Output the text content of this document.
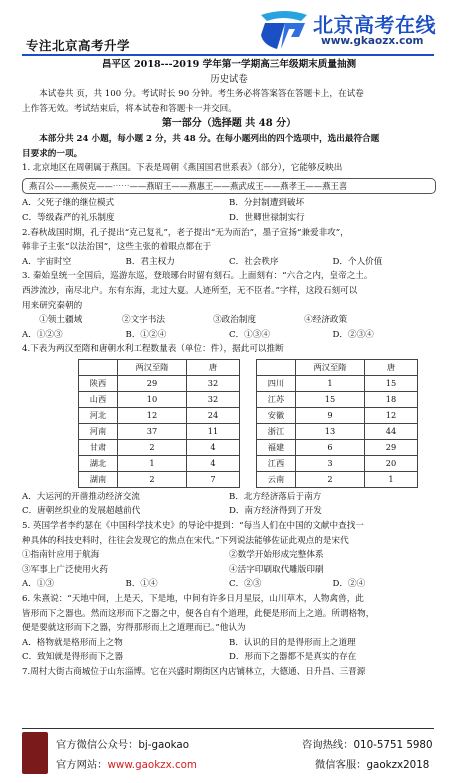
专注北京高考升学
北京高考在线
www.gkaozx.com
昌平区 2018---2019 学年第一学期高三年级期末质量抽测
历史试卷

本试卷共 页，共 100 分。考试时长 90 分钟。考生务必将答案答在答题卡上，在试卷

上作答无效。考试结束后，将本试卷和答题卡一并交回。

第一部分（选择题 共 48 分）

本部分共 24 小题，每小题 2 分，共 48 分。在每小题列出的四个选项中，选出最符合题

目要求的一项。

1. 北京地区在周朝属于燕国。下表是周朝《燕国国君世系表》（部分），它能够反映出

燕召公——燕侯克——⋯⋯——燕昭王——燕惠王——燕武成王——燕孝王——燕王喜
A．父死子继的继位模式	B．分封制遭到破坏
C．等级森严的礼乐制度	D．世卿世禄制实行

2.春秋战国时期，孔子提出“克己复礼”，老子提出“无为而治”，墨子宣扬“兼爱非攻”，

韩非子主张“以法治国”，这些主张的着眼点都在于

A．宇宙时空	B．君主权力	C．社会秩序	D．个人价值

3. 秦始皇统一全国后，巡游东巡，登琅琊台时留有刻石。上面刻有：“六合之内，皇帝之土。

西涉流沙，南尽北户。东有东海，北过大夏。人迹所至，无不臣者。”字样，这段石刻可以

用来研究秦朝的

①领土疆域	②文字书法	③政治制度	④经济政策
A．①②③	B．①②④	C．①③④	D．②③④

4.下表为两汉至隋和唐朝水利工程数量表（单位：件），据此可以推断

	两汉至隋	唐
陕西	29	32
山西	10	32
河北	12	24
河南	37	11
甘肃	2	4
湖北	1	4
湖南	2	7
	两汉至隋	唐
四川	1	15
江苏	15	18
安徽	9	12
浙江	13	44
福建	6	29
江西	3	20
云南	2	1
A．大运河的开凿推动经济交流	B．北方经济落后于南方
C．唐朝丝织业的发展超越前代	D．南方经济得到了开发

5. 英国学者李约瑟在《中国科学技术史》的导论中提到：“每当人们在中国的文献中查找一

种具体的科技史料时，往往会发现它的焦点在宋代。”下列说法能够佐证此观点的是宋代

①指南针应用于航海	②数学开始形成完整体系
③军事上广泛使用火药	④活字印刷取代雕版印刷
A．①③	B．①④	C．②③	D．②④

6. 朱熹说：“天地中间，上是天，下是地，中间有许多日月星辰，山川草木，人物禽兽，此

皆形而下之器也。然而这形而下之器之中，便各自有个道理，此便是形而上之道。所谓格物，

便是要就这形而下之器，穷得那形而上之道理而已。”他认为

A．格物就是格形而上之物	B．认识的目的是得形而上之道理
C．致知就是得形而下之器	D．形而下之器都不是真实的存在

7.周村大街古商城位于山东淄博。它在兴盛时期街区内店铺林立，大德通、日升昌、三晋源

官方微信公众号：bj-gaokao
官方网站：www.gaokzx.com
咨询热线：010-5751 5980
微信客服：gaokzx2018
